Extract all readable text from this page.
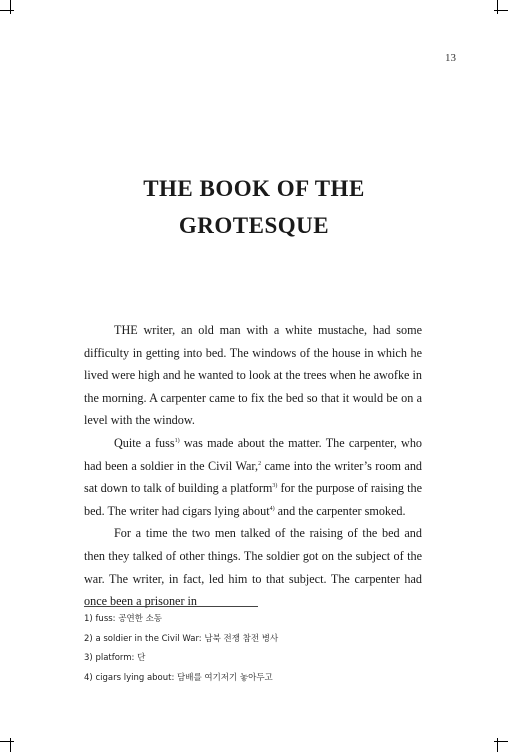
13
THE BOOK OF THE
GROTESQUE

THE writer, an old man with a white mustache, had some difficulty in getting into bed. The windows of the house in which he lived were high and he wanted to look at the trees when he awofke in the morning. A carpenter came to fix the bed so that it would be on a level with the window.

Quite a fuss$^{1)}$ was made about the matter. The carpenter, who had been a soldier in the Civil War,$^2$ came into the writer’s room and sat down to talk of building a platform$^{3)}$ for the purpose of raising the bed. The writer had cigars lying about$^{4)}$ and the carpenter smoked.

For a time the two men talked of the raising of the bed and then they talked of other things. The soldier got on the subject of the war. The writer, in fact, led him to that subject. The carpenter had once been a prisoner in

1) fuss: 공연한 소동
2) a soldier in the Civil War: 남북 전쟁 참전 병사
3) platform: 단
4) cigars lying about: 담배를 여기저기 놓아두고
